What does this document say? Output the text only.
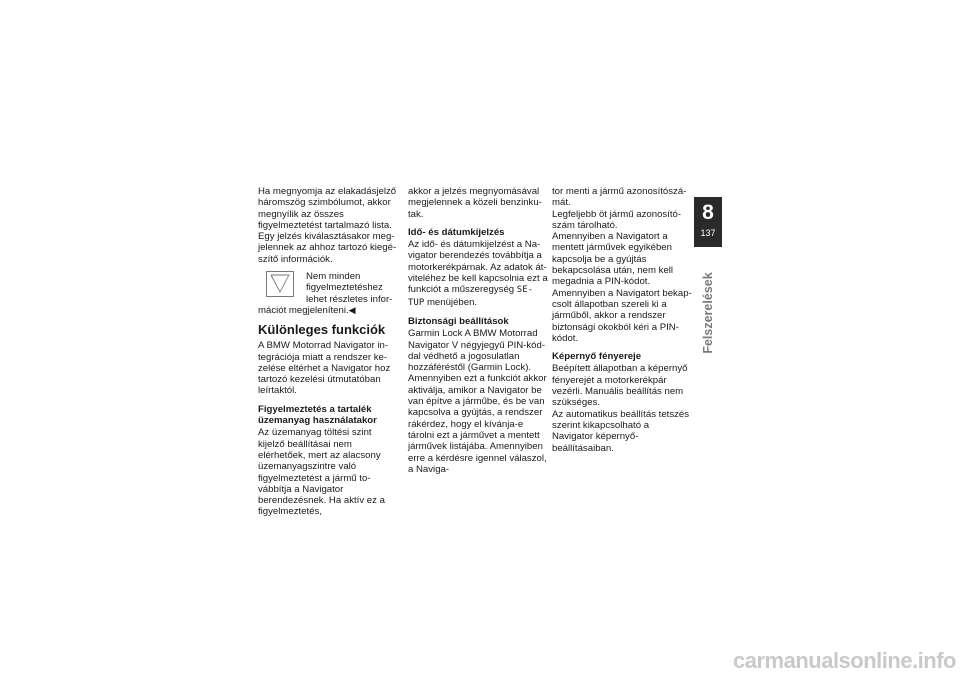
Ha megnyomja az elakadásjelző háromszög szimbólumot, akkor megnyílik az összes figyelmeztetést tartalmazó lista.

Egy jelzés kiválasztásakor megjelennek az ahhoz tartozó kiegészítő információk.

Nem minden figyelmeztetéshez lehet részletes infor-

mációt megjeleníteni.◀

Különleges funkciók

A BMW Motorrad Navigator integrációja miatt a rendszer kezelése eltérhet a Navigator hoz tartozó kezelési útmutatóban leírtaktól.

Figyelmeztetés a tartalék üzemanyag használatakor

Az üzemanyag töltési szint kijelző beállításai nem elérhetőek, mert az alacsony üzemanyagszintre való figyelmeztetést a jármű továbbítja a Navigator berendezésnek. Ha aktív ez a figyelmeztetés,

akkor a jelzés megnyomásával megjelennek a közeli benzinkutak.

Idő- és dátumkijelzés

Az idő- és dátumkijelzést a Navigator berendezés továbbítja a motorkerékpárnak. Az adatok átviteléhez be kell kapcsolnia ezt a funkciót a műszeregység SE-
TUP menüjében.

Biztonsági beállítások

Garmin Lock A BMW Motorrad Navigator V négyjegyű PIN-kóddal védhető a jogosulatlan hozzáféréstől (Garmin Lock). Amennyiben ezt a funkciót akkor aktiválja, amikor a Navigator be van építve a járműbe, és be van kapcsolva a gyújtás, a rendszer rákérdez, hogy el kívánja-e tárolni ezt a járművet a mentett járművek listájába. Amennyiben erre a kérdésre igennel válaszol, a Naviga-

tor menti a jármű azonosítószámát.

Legfeljebb öt jármű azonosítószám tárolható.

Amennyiben a Navigatort a mentett járművek egyikében kapcsolja be a gyújtás bekapcsolása után, nem kell megadnia a PIN-kódot. Amennyiben a Navigatort bekapcsolt állapotban szereli ki a járműből, akkor a rendszer biztonsági okokból kéri a PIN-kódot.

Képernyő fényereje

Beépített állapotban a képernyő fényerejét a motorkerékpár vezérli. Manuális beállítás nem szükséges.

Az automatikus beállítás tetszés szerint kikapcsolható a Navigator képernyő-beállításaiban.

8
137
Felszerelések
carmanualsonline.info
